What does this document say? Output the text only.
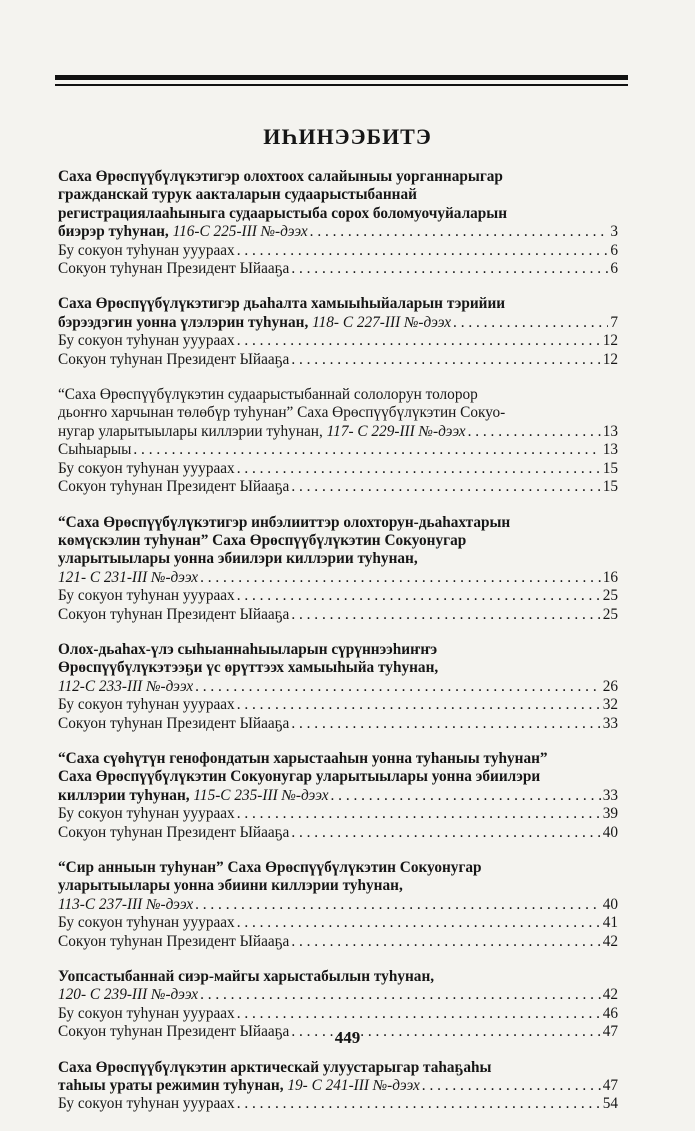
ИҺИНЭЭБИТЭ
Саха Өрөспүүбүлүкэтигэр олохтоох салайыныы уорганнарыгар
гражданскай турук аакталарын судаарыстыбаннай
регистрациялааһыныга судаарыстыба сорох боломуочуйаларын
биэрэр туһунан, 116-С 225-III №-дээх . . .	3
Бу сокуон туһунан ууураах . . .	6
Сокуон туһунан Президент Ыйааҕа . . .	6
Саха Өрөспүүбүлүкэтигэр дьаһалта хамыыһыйаларын тэрийии
бэрээдэгин уонна үлэлэрин туһунан, 118- С 227-III №-дээх . . .	7
Бу сокуон туһунан ууураах . . .	12
Сокуон туһунан Президент Ыйааҕа . . .	12
“Саха Өрөспүүбүлүкэтин судаарыстыбаннай сололорун толорор
дьоҥҥо харчынан төлөбүр туһунан” Саха Өрөспүүбүлүкэтин Сокуо-
нугар уларытыылары киллэрии туһунан, 117- С 229-III №-дээх . . .	13
Сыһыарыы . . .	13
Бу сокуон туһунан ууураах . . .	15
Сокуон туһунан Президент Ыйааҕа . . .	15
“Саха Өрөспүүбүлүкэтигэр инбэлииттэр олохторун-дьаһахтарын
көмүскэлин туһунан” Саха Өрөспүүбүлүкэтин Сокуонугар
уларытыылары уонна эбиилэри киллэрии туһунан,
121- С 231-III №-дээх . . .	16
Бу сокуон туһунан ууураах . . .	25
Сокуон туһунан Президент Ыйааҕа . . .	25
Олох-дьаһах-үлэ сыһыаннаһыыларын сүрүннээһиҥҥэ
Өрөспүүбүлүкэтээҕи үс өрүттээх хамыыһыйа туһунан,
112-С 233-III №-дээх . . .	26
Бу сокуон туһунан ууураах . . .	32
Сокуон туһунан Президент Ыйааҕа . . .	33
“Саха сүөһүтүн генофондатын харыстааһын уонна туһаныы туһунан”
Саха Өрөспүүбүлүкэтин Сокуонугар уларытыылары уонна эбиилэри
киллэрии туһунан, 115-С 235-III №-дээх . . .	33
Бу сокуон туһунан ууураах . . .	39
Сокуон туһунан Президент Ыйааҕа . . .	40
“Сир анныын туһунан” Саха Өрөспүүбүлүкэтин Сокуонугар
уларытыылары уонна эбиини киллэрии туһунан,
113-С 237-III №-дээх . . .	40
Бу сокуон туһунан ууураах . . .	41
Сокуон туһунан Президент Ыйааҕа . . .	42
Уопсастыбаннай сиэр-майгы харыстабылын туһунан,
120- С 239-III №-дээх . . .	42
Бу сокуон туһунан ууураах . . .	46
Сокуон туһунан Президент Ыйааҕа . . .	47
Саха Өрөспүүбүлүкэтин арктическай улуустарыгар таһаҕаһы
таһыы ураты режимин туһунан, 19- С 241-III №-дээх . . .	47
Бу сокуон туһунан ууураах . . .	54
449
